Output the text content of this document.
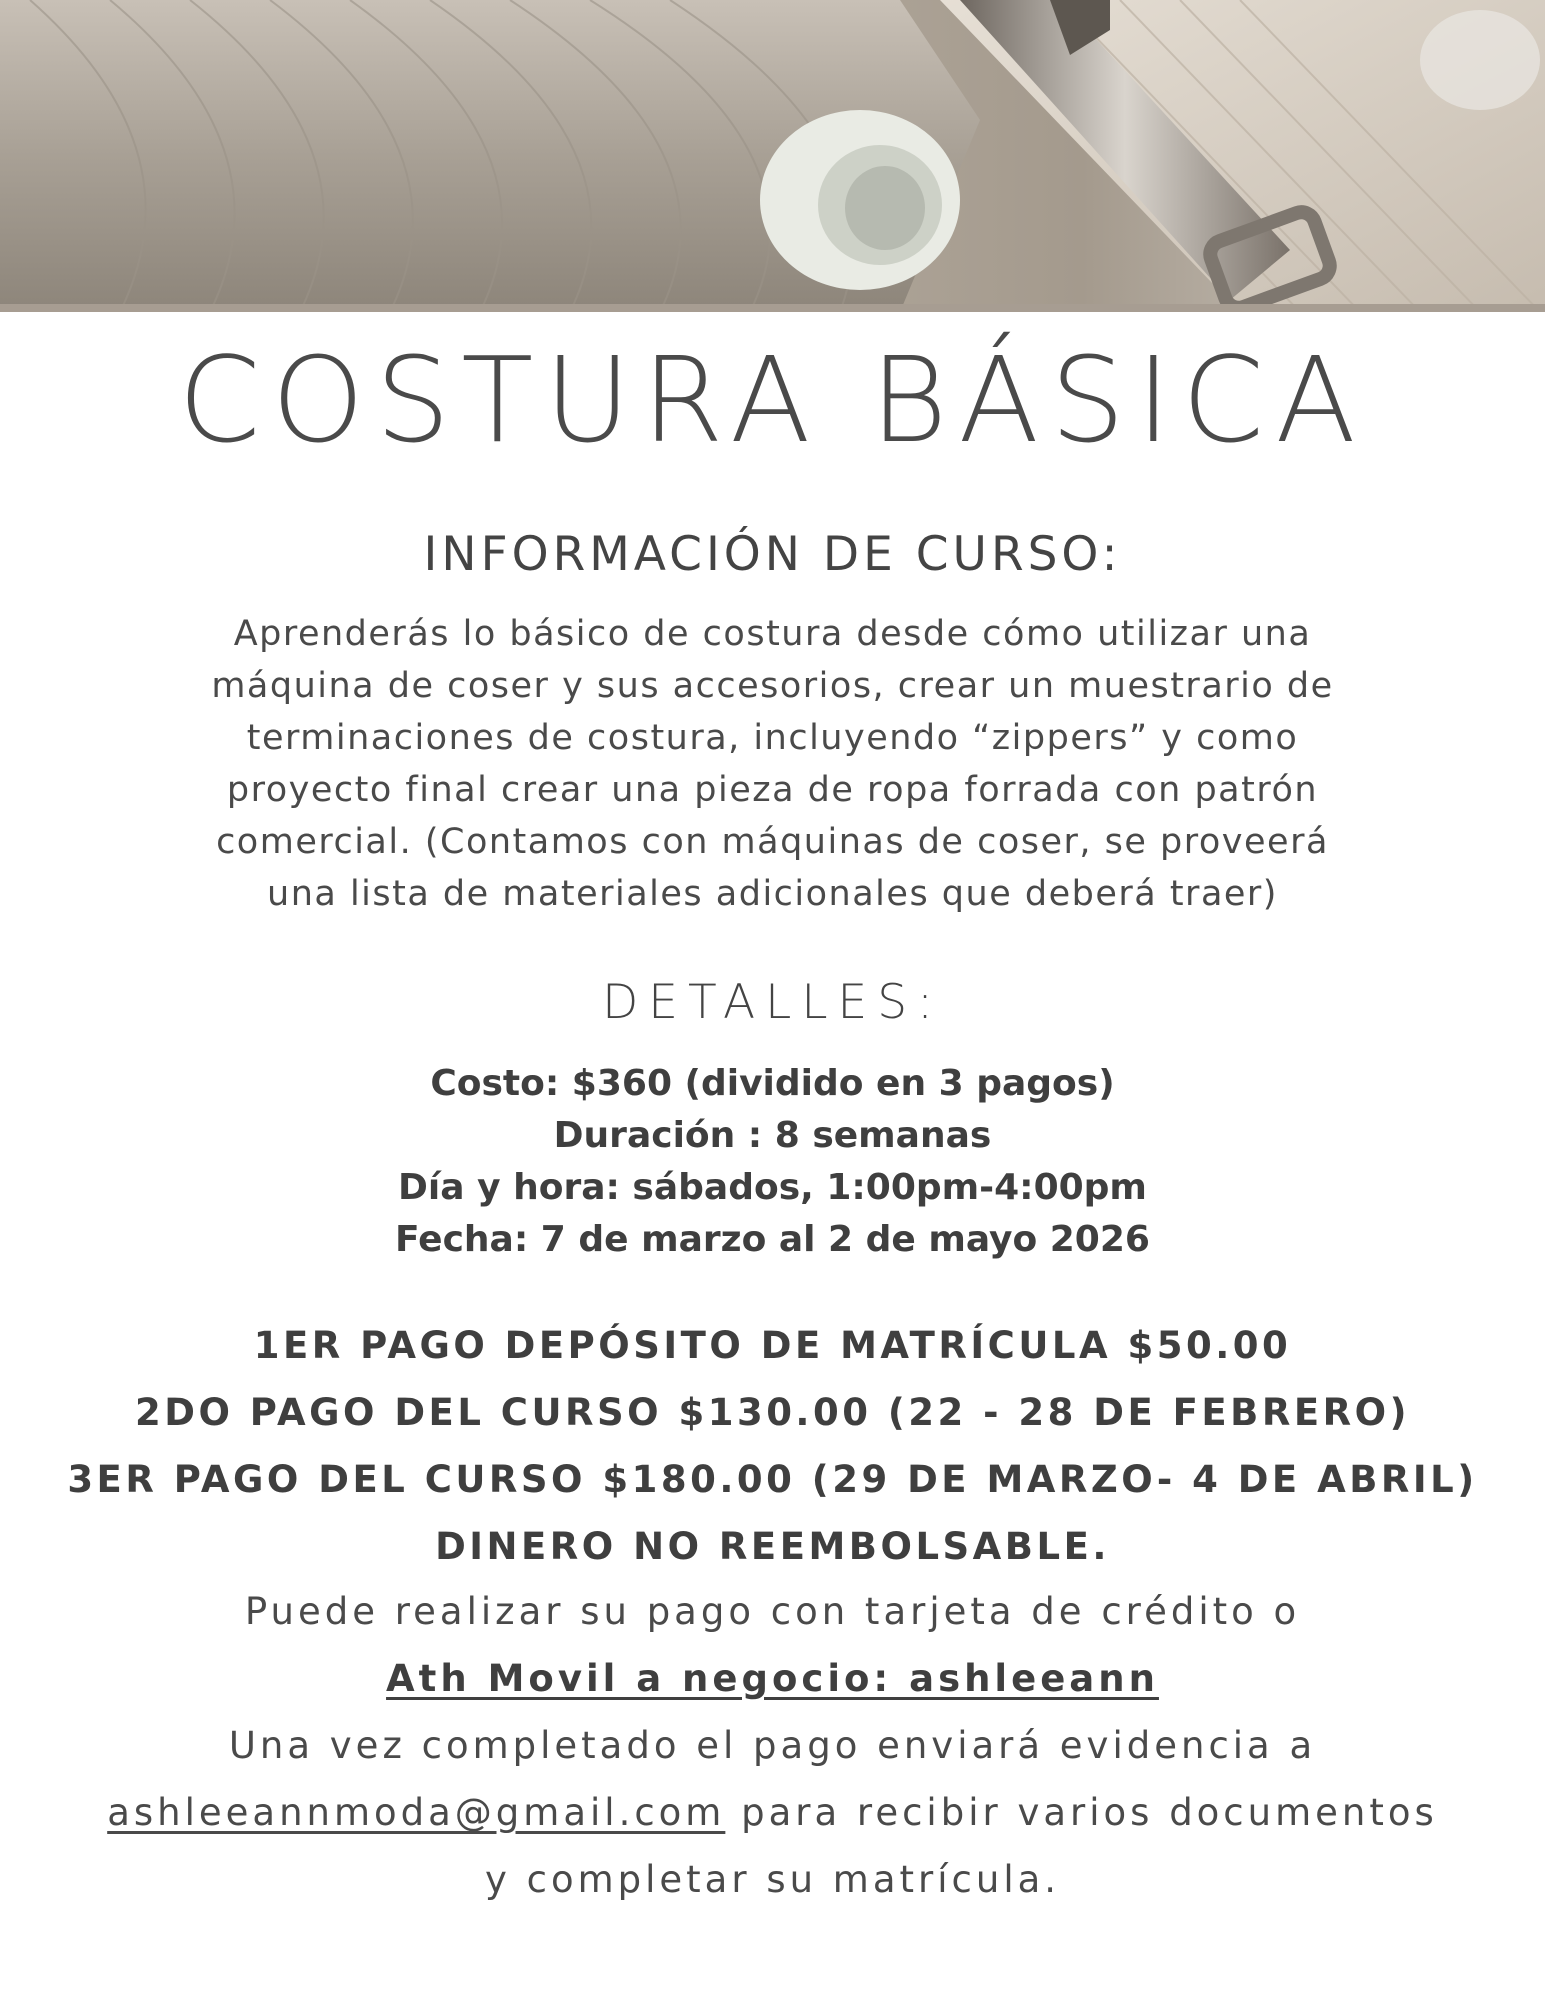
COSTURA BÁSICA
INFORMACIÓN DE CURSO:
Aprenderás lo básico de costura desde cómo utilizar una
máquina de coser y sus accesorios, crear un muestrario de
terminaciones de costura, incluyendo “zippers” y como
proyecto final crear una pieza de ropa forrada con patrón
comercial. (Contamos con máquinas de coser, se proveerá
una lista de materiales adicionales que deberá traer)
DETALLES:
Costo: $360 (dividido en 3 pagos)
Duración : 8 semanas
Día y hora: sábados, 1:00pm-4:00pm
Fecha: 7 de marzo al 2 de mayo 2026
1ER PAGO DEPÓSITO DE MATRÍCULA $50.00
2DO PAGO DEL CURSO $130.00 (22 - 28 DE FEBRERO)
3ER PAGO DEL CURSO $180.00 (29 DE MARZO- 4 DE ABRIL)
DINERO NO REEMBOLSABLE.
Puede realizar su pago con tarjeta de crédito o
Ath Movil a negocio: ashleeann
Una vez completado el pago enviará evidencia a
ashleeannmoda@gmail.com para recibir varios documentos
y completar su matrícula.
